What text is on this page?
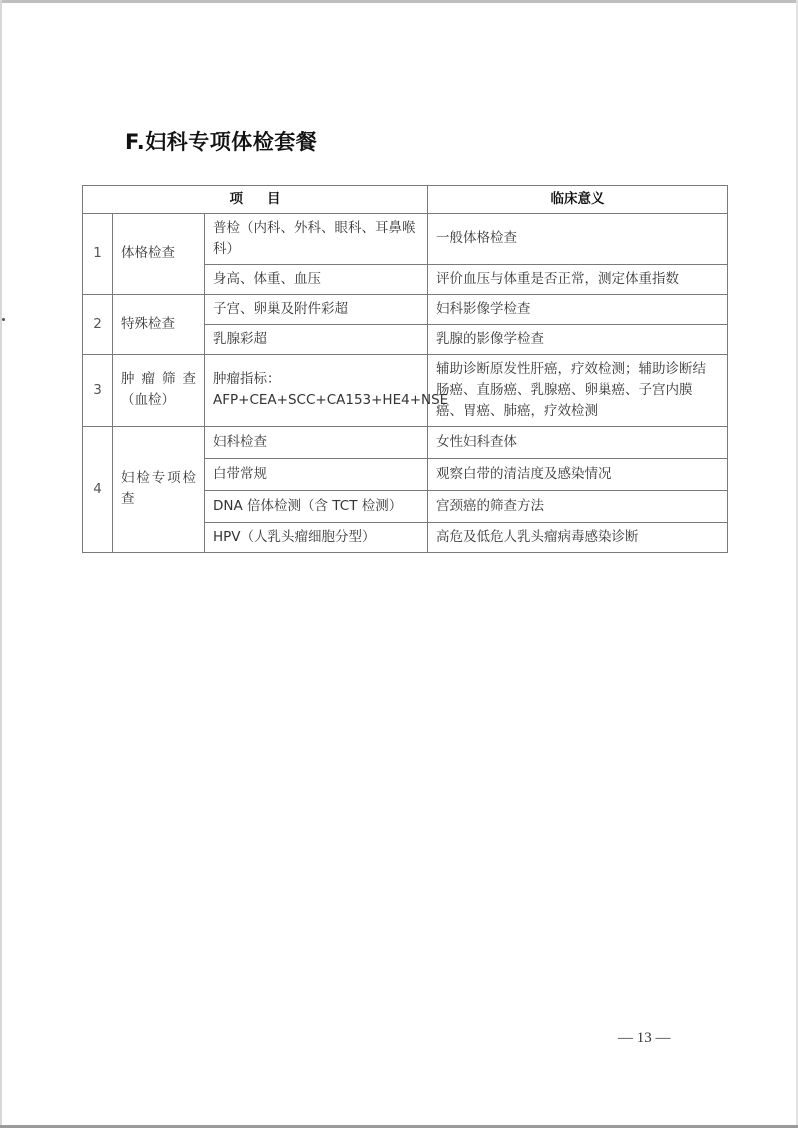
F.妇科专项体检套餐
项目			临床意义
1	体格检查	普检（内科、外科、眼科、耳鼻喉科）	一般体格检查
		身高、体重、血压	评价血压与体重是否正常，测定体重指数
2	特殊检查	子宫、卵巢及附件彩超	妇科影像学检查
		乳腺彩超	乳腺的影像学检查
3	肿瘤筛查（血检）	肿瘤指标：AFP+CEA+SCC+CA153+HE4+NSE	辅助诊断原发性肝癌，疗效检测；辅助诊断结肠癌、直肠癌、乳腺癌、卵巢癌、子宫内膜癌、胃癌、肺癌，疗效检测
4	妇检专项检查	妇科检查	女性妇科查体
		白带常规	观察白带的清洁度及感染情况
		DNA 倍体检测（含 TCT 检测）	宫颈癌的筛查方法
		HPV（人乳头瘤细胞分型）	高危及低危人乳头瘤病毒感染诊断
— 13 —
